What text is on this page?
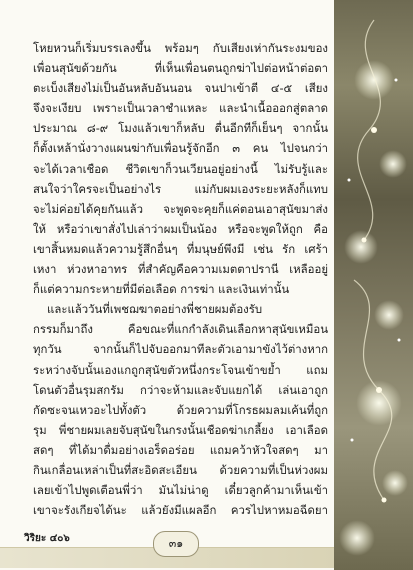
โหยหวนก็เริ่มบรรเลงขึ้น พร้อมๆ กับเสียงเห่ากันระงมของ
เพื่อนสุนัขด้วยกัน ที่เห็นเพื่อนตนถูกฆ่าไปต่อหน้าต่อตา
ตะเบ็งเสียงไม่เป็นอันหลับอันนอน จนปาเข้าตี ๔-๕ เสียง
จึงจะเงียบ เพราะเป็นเวลาชำแหละ และนำเนื้อออกสู่ตลาด
ประมาณ ๘-๙ โมงแล้วเขาก็หลับ ตื่นอีกทีก็เย็นๆ จากนั้น
ก็ตั้งเหล้านั่งวางแผนฆ่ากับเพื่อนรู้จักอีก ๓ คน ไปจนกว่า
จะได้เวลาเชือด ชีวิตเขาก็วนเวียนอยู่อย่างนี้ ไม่รับรู้และ
สนใจว่าใครจะเป็นอย่างไร แม่กับผมเองระยะหลังก็แทบ
จะไม่ค่อยได้คุยกันแล้ว จะพูดจะคุยก็แค่ตอนเอาสุนัขมาส่ง
ให้ หรือว่าเขาสั่งไปเล่าว่าผมเป็นน้อง หรือจะพูดให้ถูก คือ
เขาสิ้นหมดแล้วความรู้สึกอื่นๆ ที่มนุษย์พึงมี เช่น รัก เศร้า
เหงา ห่วงหาอาทร ที่สำคัญคือความเมตตาปรานี เหลืออยู่
ก็แต่ความกระหายที่มีต่อเลือด การฆ่า และเงินเท่านั้น
และแล้ววันที่เพชฌฆาตอย่างพี่ชายผมต้องรับ
กรรมก็มาถึง คือขณะที่แกกำลังเดินเลือกหาสุนัขเหมือน
ทุกวัน จากนั้นก็ไปจับออกมาทีละตัวเอามาขังไว้ต่างหาก
ระหว่างจับนั้นเองแกถูกสุนัขตัวหนึ่งกระโจนเข้าขย้ำ แถม
โดนตัวอื่นรุมสกรัม กว่าจะห้ามและจับแยกได้ เล่นเอาถูก
กัดซะจนเหวอะไปทั้งตัว ด้วยความที่โกรธผมลมเค้นที่ถูก
รุม พี่ชายผมเลยจับสุนัขในกรงนั้นเชือดฆ่าเกลี้ยง เอาเลือด
สดๆ ที่ได้มาดื่มอย่างเอร็ดอร่อย แถมคว้าหัวใจสดๆ มา
กินเกลื่อนเหล่าเป็นที่สะอิดสะเอียน ด้วยความที่เป็นห่วงผม
เลยเข้าไปพูดเตือนพี่ว่า มันไม่น่าดู เดี๋ยวลูกค้ามาเห็นเข้า
เขาจะรังเกียจได้นะ แล้วยังมีแผลอีก ควรไปหาหมอฉีดยา
วิริยะ ๔๐๖	๓๑
